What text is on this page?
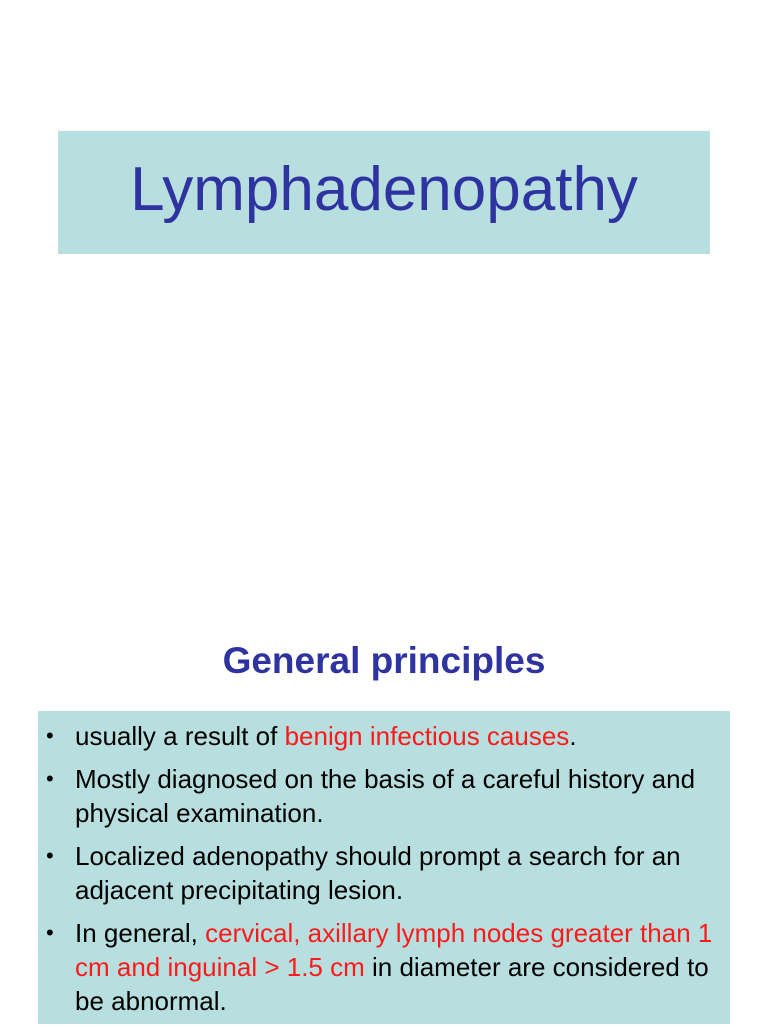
Lymphadenopathy
General principles
• usually a result of benign infectious causes.
• Mostly diagnosed on the basis of a careful history and physical examination.
• Localized adenopathy should prompt a search for an adjacent precipitating lesion.
• In general, cervical, axillary lymph nodes greater than 1 cm and inguinal > 1.5 cm in diameter are considered to be abnormal.
